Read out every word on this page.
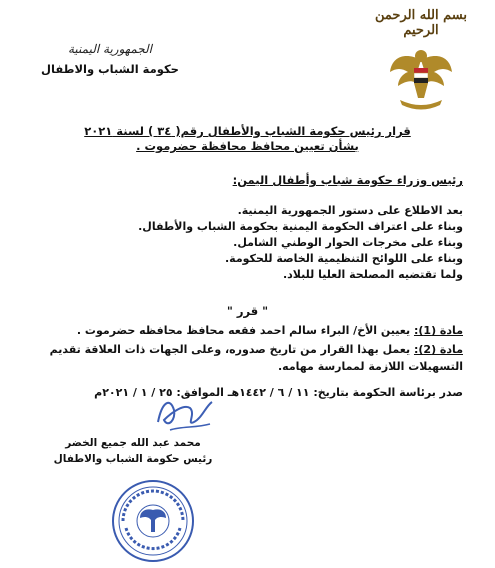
بسم الله الرحمن الرحيم
الجمهورية اليمنية
حكومة الشباب والاطفال
قرار رئيس حكومة الشباب والأطفال رقم( ٣٤ ) لسنة ٢٠٢١
بشأن تعيين محافظ محافظة حضرموت .
رئيس وزراء حكومة شباب وأطفال اليمن:
بعد الاطلاع على دستور الجمهورية اليمنية.
وبناء على اعتراف الحكومة اليمنية بحكومة الشباب والأطفال.
وبناء على مخرجات الحوار الوطني الشامل.
وبناء على اللوائح التنظيمية الخاصة للحكومة.
ولما تقتضيه المصلحة العليا للبلاد.
" قرر "
مادة (1): يعيين الأخ/ البراء سالم احمد فقعه محافظ محافظه حضرموت .
مادة (2): يعمل بهذا القرار من تاريخ صدوره، وعلى الجهات ذات العلاقة تقديم التسهيلات اللازمة لممارسة مهامه.
صدر برئاسة الحكومة بتاريخ: ١١ / ٦ / ١٤٤٢هـ الموافق: ٢٥ / ١ / ٢٠٢١م
محمد عبد الله جميع الخضر
رئيس حكومة الشباب والاطفال
